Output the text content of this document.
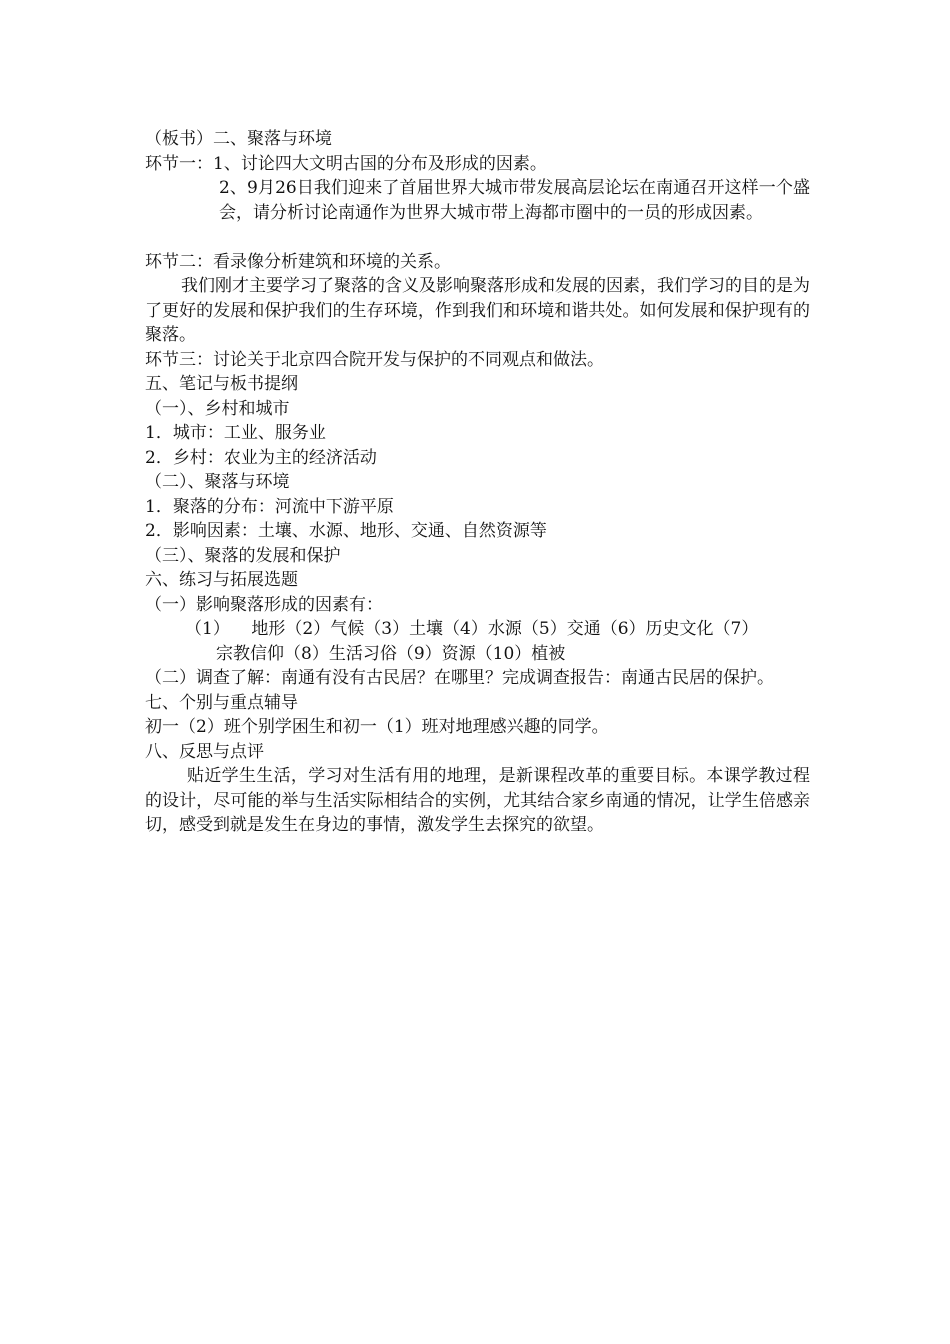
（板书）二、聚落与环境
环节一：1、讨论四大文明古国的分布及形成的因素。
2、9月26日我们迎来了首届世界大城市带发展高层论坛在南通召开这样一个盛会，请分析讨论南通作为世界大城市带上海都市圈中的一员的形成因素。
环节二：看录像分析建筑和环境的关系。
我们刚才主要学习了聚落的含义及影响聚落形成和发展的因素，我们学习的目的是为了更好的发展和保护我们的生存环境，作到我们和环境和谐共处。如何发展和保护现有的聚落。
环节三：讨论关于北京四合院开发与保护的不同观点和做法。
五、笔记与板书提纲
（一）、乡村和城市
1．城市：工业、服务业
2．乡村：农业为主的经济活动
（二）、聚落与环境
1．聚落的分布：河流中下游平原
2．影响因素：土壤、水源、地形、交通、自然资源等
（三）、聚落的发展和保护
六、练习与拓展选题
（一）影响聚落形成的因素有：
（1）    地形（2）气候（3）土壤（4）水源（5）交通（6）历史文化（7）
宗教信仰（8）生活习俗（9）资源（10）植被
（二）调查了解：南通有没有古民居？在哪里？完成调查报告：南通古民居的保护。
七、个别与重点辅导
初一（2）班个别学困生和初一（1）班对地理感兴趣的同学。
八、反思与点评
贴近学生生活，学习对生活有用的地理，是新课程改革的重要目标。本课学教过程的设计，尽可能的举与生活实际相结合的实例，尤其结合家乡南通的情况，让学生倍感亲切，感受到就是发生在身边的事情，激发学生去探究的欲望。
